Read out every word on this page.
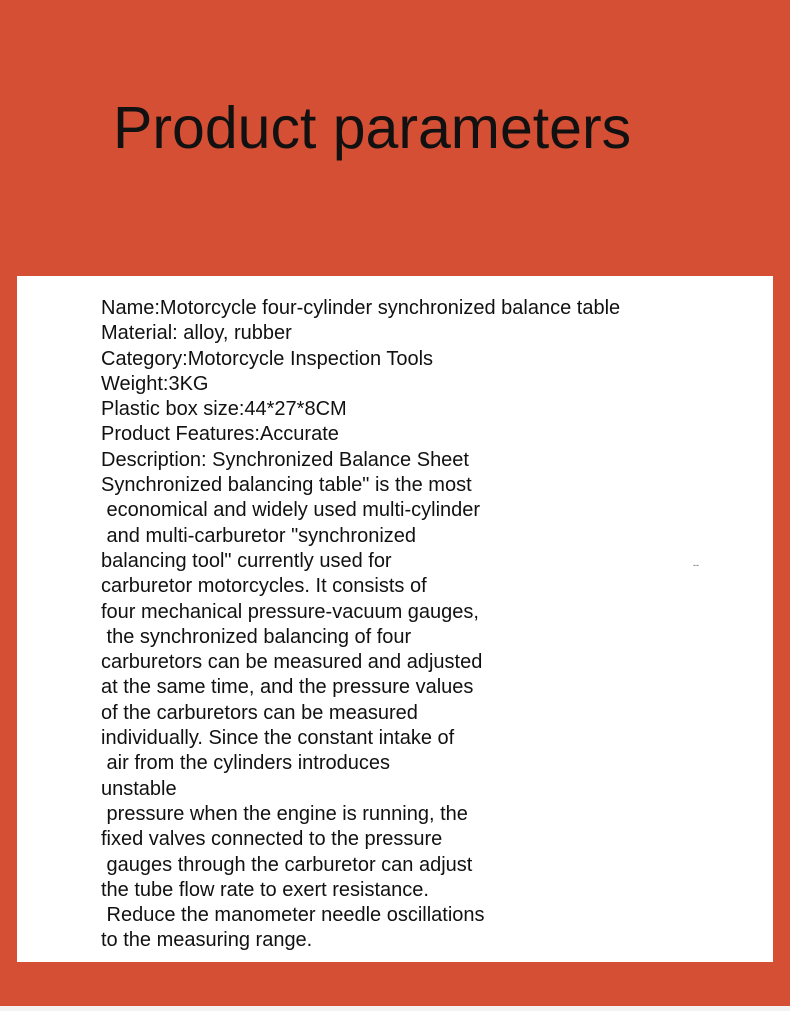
Product parameters
Name:Motorcycle four-cylinder synchronized balance table
Material: alloy, rubber
Category:Motorcycle Inspection Tools
Weight:3KG
Plastic box size:44*27*8CM
Product Features:Accurate
Description: Synchronized Balance Sheet
Synchronized balancing table" is the most
economical and widely used multi-cylinder
and multi-carburetor "synchronized
balancing tool" currently used for
carburetor motorcycles. It consists of
four mechanical pressure-vacuum gauges,
the synchronized balancing of four
carburetors can be measured and adjusted
at the same time, and the pressure values
of the carburetors can be measured
individually. Since the constant intake of
air from the cylinders introduces
unstable
pressure when the engine is running, the
fixed valves connected to the pressure
gauges through the carburetor can adjust
the tube flow rate to exert resistance.
Reduce the manometer needle oscillations
to the measuring range.
--
